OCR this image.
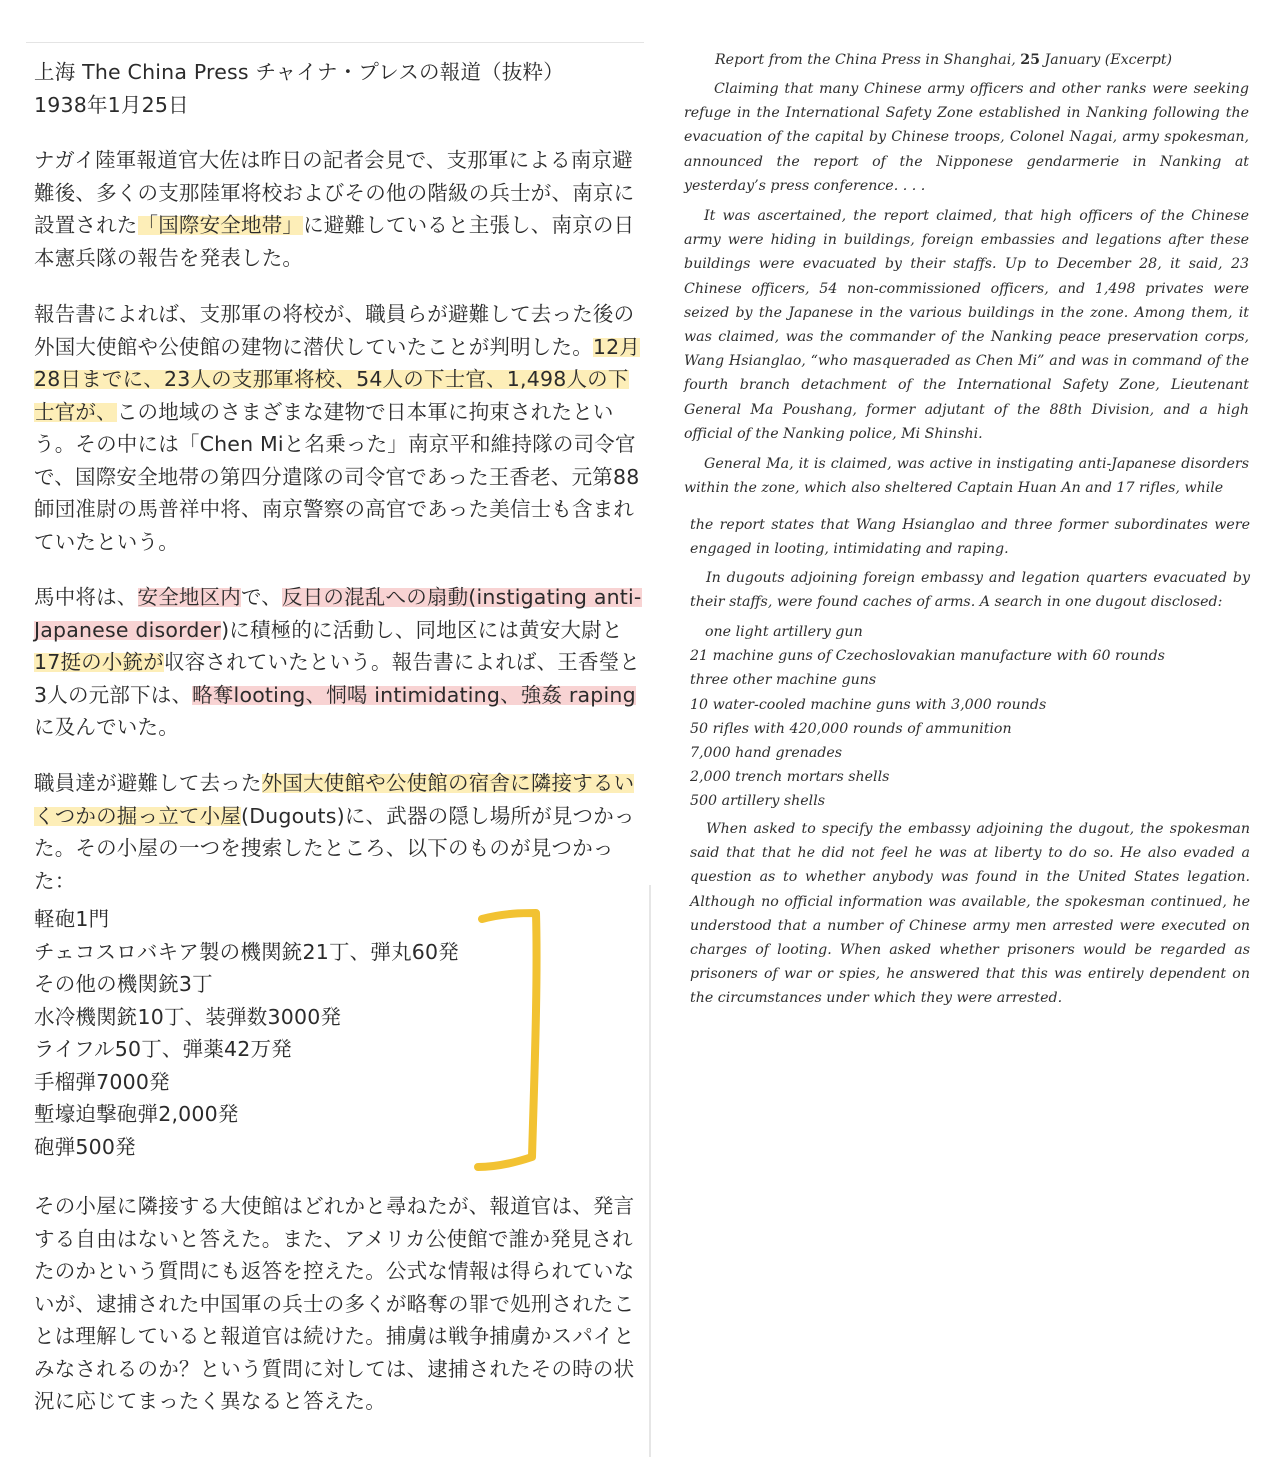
上海 The China Press チャイナ・プレスの報道（抜粋）

1938年1月25日

ナガイ陸軍報道官大佐は昨日の記者会見で、支那軍による南京避難後、多くの支那陸軍将校およびその他の階級の兵士が、南京に設置された「国際安全地帯」に避難していると主張し、南京の日本憲兵隊の報告を発表した。

報告書によれば、支那軍の将校が、職員らが避難して去った後の外国大使館や公使館の建物に潜伏していたことが判明した。12月28日までに、23人の支那軍将校、54人の下士官、1,498人の下士官が、この地域のさまざまな建物で日本軍に拘束されたという。その中には「Chen Miと名乗った」南京平和維持隊の司令官で、国際安全地帯の第四分遣隊の司令官であった王香老、元第88師団准尉の馬普祥中将、南京警察の高官であった美信士も含まれていたという。

馬中将は、安全地区内で、反日の混乱への扇動(instigating anti-Japanese disorder)に積極的に活動し、同地区には黄安大尉と17挺の小銃が収容されていたという。報告書によれば、王香瑩と3人の元部下は、略奪looting、恫喝 intimidating、強姦 rapingに及んでいた。

職員達が避難して去った外国大使館や公使館の宿舎に隣接するいくつかの掘っ立て小屋(Dugouts)に、武器の隠し場所が見つかった。その小屋の一つを捜索したところ、以下のものが見つかった：

軽砲1門

チェコスロバキア製の機関銃21丁、弾丸60発

その他の機関銃3丁

水冷機関銃10丁、装弾数3000発

ライフル50丁、弾薬42万発

手榴弾7000発

塹壕迫撃砲弾2,000発

砲弾500発

その小屋に隣接する大使館はどれかと尋ねたが、報道官は、発言する自由はないと答えた。また、アメリカ公使館で誰か発見されたのかという質問にも返答を控えた。公式な情報は得られていないが、逮捕された中国軍の兵士の多くが略奪の罪で処刑されたことは理解していると報道官は続けた。捕虜は戦争捕虜かスパイとみなされるのか？という質問に対しては、逮捕されたその時の状況に応じてまったく異なると答えた。

Report from the China Press in Shanghai, 25 January (Excerpt)

Claiming that many Chinese army officers and other ranks were seeking refuge in the International Safety Zone established in Nanking following the evacuation of the capital by Chinese troops, Colonel Nagai, army spokesman, announced the report of the Nipponese gendarmerie in Nanking at yesterday’s press conference. . . .

It was ascertained, the report claimed, that high officers of the Chinese army were hiding in buildings, foreign embassies and legations after these buildings were evacuated by their staffs. Up to December 28, it said, 23 Chinese officers, 54 non-commissioned officers, and 1,498 privates were seized by the Japanese in the various buildings in the zone. Among them, it was claimed, was the commander of the Nanking peace preservation corps, Wang Hsianglao, “who masqueraded as Chen Mi” and was in command of the fourth branch detachment of the International Safety Zone, Lieutenant General Ma Poushang, former adjutant of the 88th Division, and a high official of the Nanking police, Mi Shinshi.

General Ma, it is claimed, was active in instigating anti-Japanese disorders within the zone, which also sheltered Captain Huan An and 17 rifles, while

the report states that Wang Hsianglao and three former subordinates were engaged in looting, intimidating and raping.

In dugouts adjoining foreign embassy and legation quarters evacuated by their staffs, were found caches of arms. A search in one dugout disclosed:

one light artillery gun

21 machine guns of Czechoslovakian manufacture with 60 rounds

three other machine guns

10 water-cooled machine guns with 3,000 rounds

50 rifles with 420,000 rounds of ammunition

7,000 hand grenades

2,000 trench mortars shells

500 artillery shells

When asked to specify the embassy adjoining the dugout, the spokesman said that that he did not feel he was at liberty to do so. He also evaded a question as to whether anybody was found in the United States legation. Although no official information was available, the spokesman continued, he understood that a number of Chinese army men arrested were executed on charges of looting. When asked whether prisoners would be regarded as prisoners of war or spies, he answered that this was entirely dependent on the circumstances under which they were arrested.
